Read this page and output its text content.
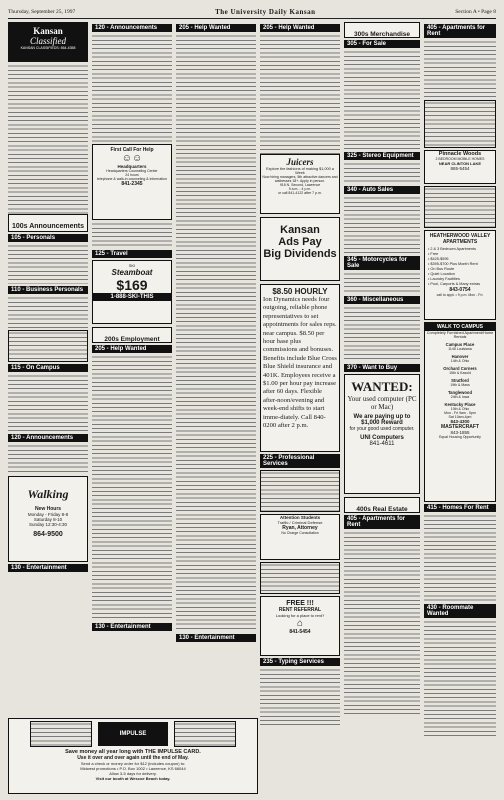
Thursday, September 25, 1997	The University Daily Kansan	Section A • Page 8
Kansan
Classified
KANSAN CLASSIFIEDS: 864-4358
100s Announcements
105 - Personals
110 - Business Personals
115 - On Campus
120 - Announcements
Walking
New Hours
Monday - Friday 8-8
Saturday 8-10
Sunday 12:30-4:30
864-9500
130 - Entertainment
120 - Announcements
First Call For Help
☺☺
Headquarters
Headquarters Counseling Center
24 hours
telephone & walk-in counseling & information
841-2345
125 - Travel
SKI
Steamboat
$169
1-888-SKI-THIS
200s Employment
205 - Help Wanted
130 - Entertainment
205 - Help Wanted
130 - Entertainment
IMPULSE
Save money all year long with THE IMPULSE CARD.
Use it over and over again until the end of May.
Send a check or money order for $12 (includes coupon) to:
Midwest promotions • P.O. Box 1002 • Lawrence, KS 66044
Allow 3-5 days for delivery.
Visit our booth at Wescoe Beach today.
205 - Help Wanted
Juicers
Explore the fashions of making $1,000 a Week
Now hiring managers, 5th attractive dancers and waitresses 18+. Apply in person.
916 N. Second, Lawrence
9 a.m. - 4 p.m.
or call 841-4122 after 7 p.m.
Kansan
Ads Pay
Big Dividends
$8.50 HOURLY
Ion Dynamics needs four outgoing, reliable phone representatives to set appointments for sales reps. near campus. $8.50 per hour base plus commissions and bonuses. Benefits include Blue Cross Blue Shield insurance and 401K. Employees receive a $1.00 per hour pay increase after 60 days. Flexible after-noon/evening and week-end shifts to start imme-diately. Call 840-0200 after 2 p.m.
225 - Professional Services
Attention Students
Traffic / Criminal Defense
Ryan, Attorney
No Charge Consultation
FREE !!!
RENT REFERRAL
Looking for a place to rent?
⌂
841-5454
235 - Typing Services
300s Merchandise
305 - For Sale
325 - Stereo Equipment
340 - Auto Sales
345 - Motorcycles for Sale
360 - Miscellaneous
370 - Want to Buy
WANTED:
Your used computer (PC or Mac)
We are paying up to $1,000 Reward
for your good used computer.
UNI Computers
841-4611
400s Real Estate
405 - Apartments for Rent
405 - Apartments for Rent
Pinnacle Woods
2 BEDROOM MOBILE HOMES
NEAR CLINTON LAKE
865-5454
HEATHERWOOD VALLEY APARTMENTS
• 2 & 3 Bedroom Apartments
• Free
• $425-$595
• $395-$700 Plus Month Rent
• On Bus Route
• Quiet Location
• Laundry Facilities
• Pool, Carports & Many extras
843-0754
call to appt. • 9 p.m. Mon - Fri.
WALK TO CAMPUS
Completely Furnished Apartment/Home Rentals
Campus Place
1145 Louisiana
Hanover
14th & Ohio
Orchard Corners
15th & Kasold
Stratford
19th & Mass
Tanglewood
24th & Iowa
Kentucky Place
10th & Ohio
Mon - Fri 9am - 5pm
Sat 10am-4pm
843-4300
MASTERCRAFT
843-1855
Equal Housing Opportunity
415 - Homes For Rent
430 - Roommate Wanted
